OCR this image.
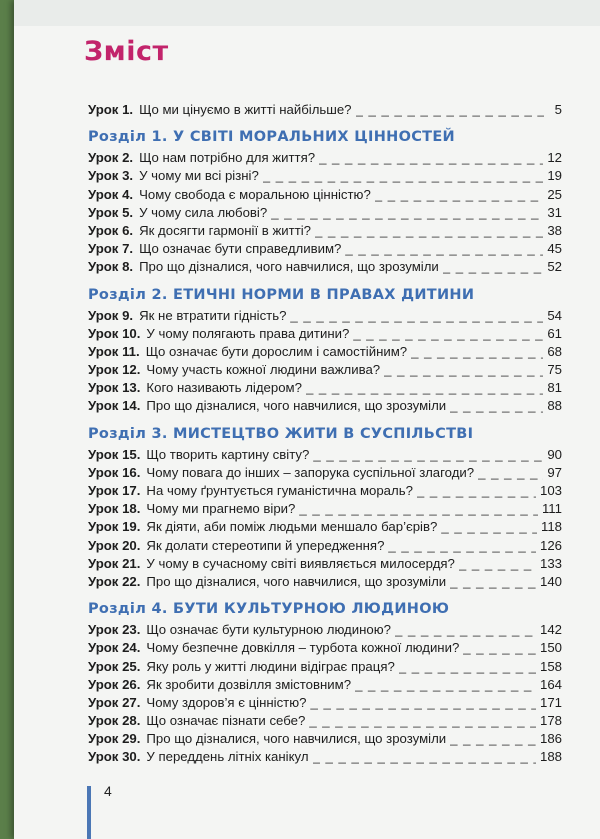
Зміст
Урок 1. Що ми цінуємо в житті найбільше? _ _ _	5
Розділ 1. У СВІТІ МОРАЛЬНИХ ЦІННОСТЕЙ
Урок 2. Що нам потрібно для життя? _ _ _	12
Урок 3. У чому ми всі різні? _ _ _	19
Урок 4. Чому свобода є моральною цінністю? _ _ _	25
Урок 5. У чому сила любові? _ _ _	31
Урок 6. Як досягти гармонії в житті? _ _ _	38
Урок 7. Що означає бути справедливим? _ _ _	45
Урок 8. Про що дізналися, чого навчилися, що зрозуміли _ _ _	52
Розділ 2. ЕТИЧНІ НОРМИ В ПРАВАХ ДИТИНИ
Урок 9. Як не втратити гідність? _ _ _	54
Урок 10. У чому полягають права дитини? _ _ _	61
Урок 11. Що означає бути дорослим і самостійним? _ _ _	68
Урок 12. Чому участь кожної людини важлива? _ _ _	75
Урок 13. Кого називають лідером? _ _ _	81
Урок 14. Про що дізналися, чого навчилися, що зрозуміли _ _ _	88
Розділ 3. МИСТЕЦТВО ЖИТИ В СУСПІЛЬСТВІ
Урок 15. Що творить картину світу? _ _ _	90
Урок 16. Чому повага до інших – запорука суспільної злагоди? _ _ _	97
Урок 17. На чому ґрунтується гуманістична мораль? _ _ _	103
Урок 18. Чому ми прагнемо віри? _ _ _	111
Урок 19. Як діяти, аби поміж людьми меншало бар’єрів? _ _ _	118
Урок 20. Як долати стереотипи й упередження? _ _ _	126
Урок 21. У чому в сучасному світі виявляється милосердя? _ _ _	133
Урок 22. Про що дізналися, чого навчилися, що зрозуміли _ _ _	140
Розділ 4. БУТИ КУЛЬТУРНОЮ ЛЮДИНОЮ
Урок 23. Що означає бути культурною людиною? _ _ _	142
Урок 24. Чому безпечне довкілля – турбота кожної людини? _ _ _	150
Урок 25. Яку роль у житті людини відіграє праця? _ _ _	158
Урок 26. Як зробити дозвілля змістовним? _ _ _	164
Урок 27. Чому здоров’я є цінністю? _ _ _	171
Урок 28. Що означає пізнати себе? _ _ _	178
Урок 29. Про що дізналися, чого навчилися, що зрозуміли _ _ _	186
Урок 30. У переддень літніх канікул _ _ _	188
4
